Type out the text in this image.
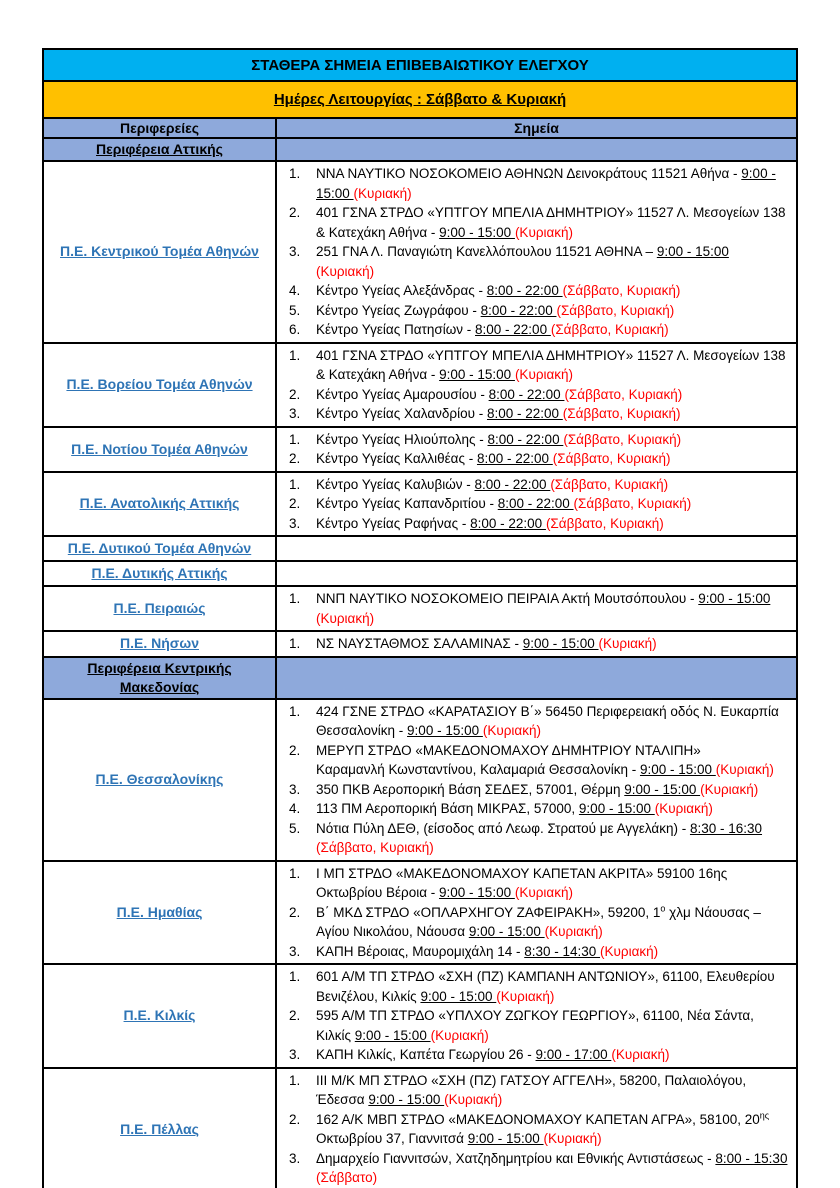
ΣΤΑΘΕΡΑ ΣΗΜΕΙΑ ΕΠΙΒΕΒΑΙΩΤΙΚΟΥ ΕΛΕΓΧΟΥ	
Ημέρες Λειτουργίας : Σάββατο & Κυριακή	
Περιφερείες	Σημεία

Περιφέρεια Αττικής	

Π.Ε. Κεντρικού Τομέα Αθηνών	
1.	ΝΝΑ ΝΑΥΤΙΚΟ ΝΟΣΟΚΟΜΕΙΟ ΑΘΗΝΩΝ Δεινοκράτους 11521 Αθήνα - 9:00 - 15:00 (Κυριακή)
2.	401 ΓΣΝΑ ΣΤΡΔΟ «ΥΠΤΓΟΥ ΜΠΕΛΙΑ ΔΗΜΗΤΡΙΟΥ» 11527 Λ. Μεσογείων 138 & Κατεχάκη Αθήνα - 9:00 - 15:00 (Κυριακή)
3.	251 ΓΝΑ Λ. Παναγιώτη Κανελλόπουλου 11521 ΑΘΗΝΑ – 9:00 - 15:00 (Κυριακή)
4.	Κέντρο Υγείας Αλεξάνδρας - 8:00 - 22:00 (Σάββατο, Κυριακή)
5.	Κέντρο Υγείας Ζωγράφου - 8:00 - 22:00 (Σάββατο, Κυριακή)
6.	Κέντρο Υγείας Πατησίων - 8:00 - 22:00 (Σάββατο, Κυριακή)

Π.Ε. Βορείου Τομέα Αθηνών	
1.	401 ΓΣΝΑ ΣΤΡΔΟ «ΥΠΤΓΟΥ ΜΠΕΛΙΑ ΔΗΜΗΤΡΙΟΥ» 11527 Λ. Μεσογείων 138 & Κατεχάκη Αθήνα - 9:00 - 15:00 (Κυριακή)
2.	Κέντρο Υγείας Αμαρουσίου - 8:00 - 22:00 (Σάββατο, Κυριακή)
3.	Κέντρο Υγείας Χαλανδρίου - 8:00 - 22:00 (Σάββατο, Κυριακή)

Π.Ε. Νοτίου Τομέα Αθηνών	1. Κέντρο Υγείας Ηλιούπολης - 8:00 - 22:00 (Σάββατο, Κυριακή)
2. Κέντρο Υγείας Καλλιθέας - 8:00 - 22:00 (Σάββατο, Κυριακή)

Π.Ε. Ανατολικής Αττικής	
1.	Κέντρο Υγείας Καλυβιών - 8:00 - 22:00 (Σάββατο, Κυριακή)
2.	Κέντρο Υγείας Καπανδριτίου - 8:00 - 22:00 (Σάββατο, Κυριακή)
3.	Κέντρο Υγείας Ραφήνας - 8:00 - 22:00 (Σάββατο, Κυριακή)

Π.Ε. Δυτικού Τομέα Αθηνών	
Π.Ε. Δυτικής Αττικής	
Π.Ε. Πειραιώς	1. ΝΝΠ ΝΑΥΤΙΚΟ ΝΟΣΟΚΟΜΕΙΟ ΠΕΙΡΑΙΑ Ακτή Μουτσόπουλου - 9:00 - 15:00 (Κυριακή)

Π.Ε. Νήσων	1. ΝΣ ΝΑΥΣΤΑΘΜΟΣ ΣΑΛΑΜΙΝΑΣ - 9:00 - 15:00 (Κυριακή)

Περιφέρεια Κεντρικής Μακεδονίας	

Π.Ε. Θεσσαλονίκης	
1.	424 ΓΣΝΕ ΣΤΡΔΟ «ΚΑΡΑΤΑΣΙΟΥ Β΄» 56450 Περιφερειακή οδός Ν. Ευκαρπία Θεσσαλονίκη - 9:00 - 15:00 (Κυριακή)
2.	ΜΕΡΥΠ ΣΤΡΔΟ «ΜΑΚΕΔΟΝΟΜΑΧΟΥ ΔΗΜΗΤΡΙΟΥ ΝΤΑΛΙΠΗ»
Καραμανλή Κωνσταντίνου, Καλαμαριά Θεσσαλονίκη - 9:00 - 15:00 (Κυριακή)
3.	350 ΠΚΒ Αεροπορική Βάση ΣΕΔΕΣ, 57001, Θέρμη 9:00 - 15:00 (Κυριακή)
4.	113 ΠΜ Αεροπορική Βάση ΜΙΚΡΑΣ, 57000, 9:00 - 15:00 (Κυριακή)
5.	Νότια Πύλη ΔΕΘ, (είσοδος από Λεωφ. Στρατού με Αγγελάκη) - 8:30 - 16:30 (Σάββατο, Κυριακή)

Π.Ε. Ημαθίας	
1.	Ι ΜΠ ΣΤΡΔΟ «ΜΑΚΕΔΟΝΟΜΑΧΟΥ ΚΑΠΕΤΑΝ ΑΚΡΙΤΑ» 59100 16ης Οκτωβρίου Βέροια - 9:00 - 15:00 (Κυριακή)
2.	Β΄ ΜΚΔ ΣΤΡΔΟ «ΟΠΛΑΡΧΗΓΟΥ ΖΑΦΕΙΡΑΚΗ», 59200, $1^o$ χλμ Νάουσας – Αγίου Νικολάου, Νάουσα 9:00 - 15:00 (Κυριακή)
3.	ΚΑΠΗ Βέροιας, Μαυρομιχάλη 14 - 8:30 - 14:30 (Κυριακή)

Π.Ε. Κιλκίς	
1.	601 Α/Μ ΤΠ ΣΤΡΔΟ «ΣΧΗ (ΠΖ) ΚΑΜΠΑΝΗ ΑΝΤΩΝΙΟΥ», 61100, Ελευθερίου Βενιζέλου, Κιλκίς 9:00 - 15:00 (Κυριακή)
2.	595 Α/Μ ΤΠ ΣΤΡΔΟ «ΥΠΛΧΟΥ ΖΩΓΚΟΥ ΓΕΩΡΓΙΟΥ», 61100, Νέα Σάντα, Κιλκίς 9:00 - 15:00 (Κυριακή)
3.	ΚΑΠΗ Κιλκίς, Καπέτα Γεωργίου 26 - 9:00 - 17:00 (Κυριακή)

Π.Ε. Πέλλας	
1.	ΙΙΙ Μ/Κ ΜΠ ΣΤΡΔΟ «ΣΧΗ (ΠΖ) ΓΑΤΣΟΥ ΑΓΓΕΛΗ», 58200, Παλαιολόγου, Έδεσσα 9:00 - 15:00 (Κυριακή)
2.	162 Α/Κ ΜΒΠ ΣΤΡΔΟ «ΜΑΚΕΔΟΝΟΜΑΧΟΥ ΚΑΠΕΤΑΝ ΑΓΡΑ», 58100, $20^{\eta\varsigma}$ Οκτωβρίου 37, Γιαννιτσά 9:00 - 15:00 (Κυριακή)
3.	Δημαρχείο Γιαννιτσών, Χατζηδημητρίου και Εθνικής Αντιστάσεως - 8:00 - 15:30 (Σάββατο)
